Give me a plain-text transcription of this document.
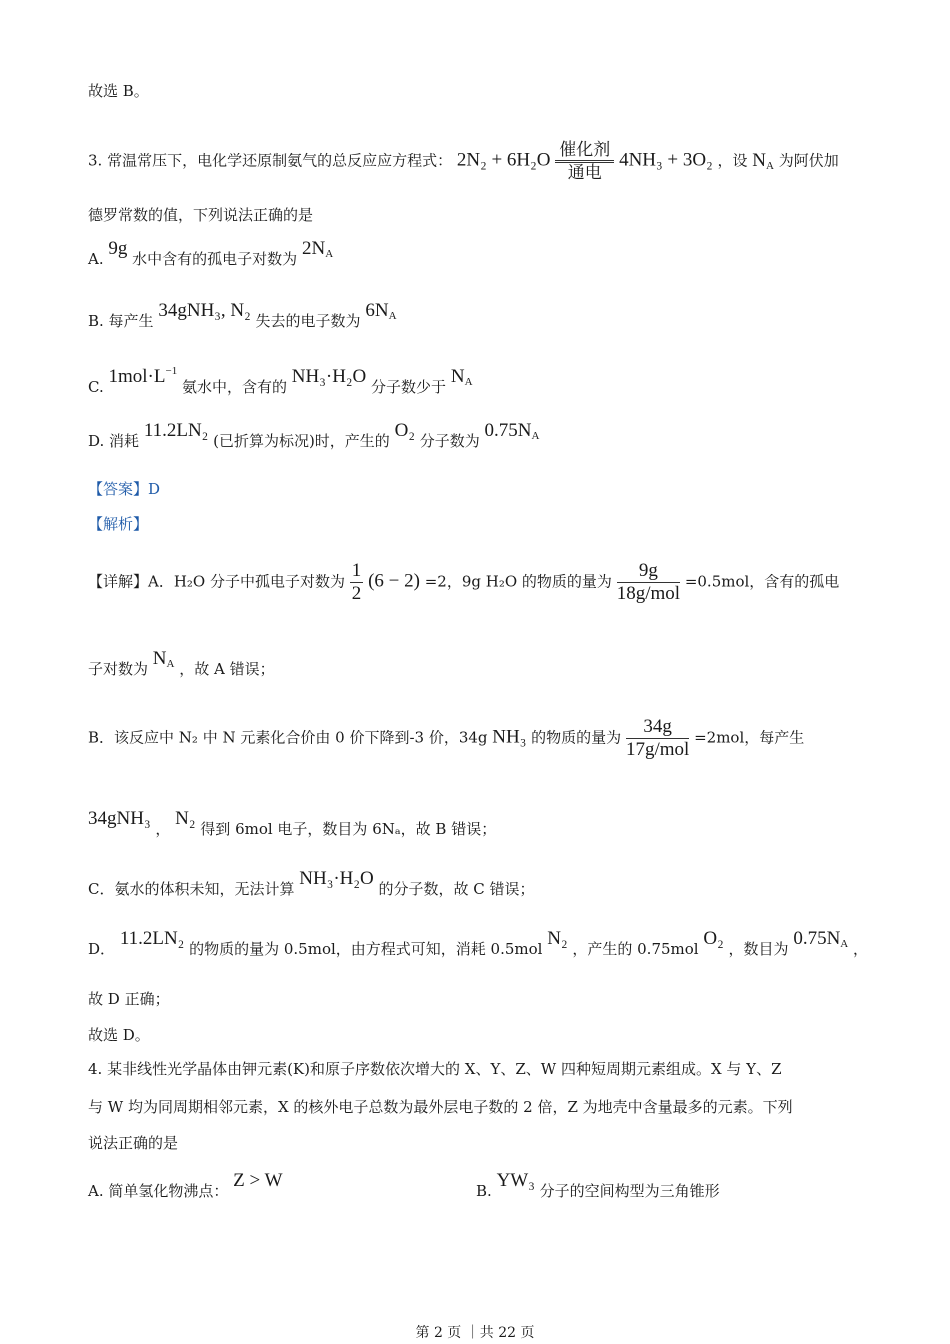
故选 B。
3. 常温常压下，电化学还原制氨气的总反应应方程式： 2N₂ + 6H₂O 催化剂
通电
4NH₃ + 3O₂ ，设 $N_A$ 为阿伏加
德罗常数的值，下列说法正确的是
A. 9g 水中含有的孤电子对数为 $2N_A$
B. 每产生 34gNH₃, N₂ 失去的电子数为 $6N_A$
C. $1mol\cdot L^{-1}$ 氨水中，含有的 NH₃·H₂O 分子数少于 $N_A$
D. 消耗 11.2LN₂ (已折算为标况)时，产生的 O₂ 分子数为 $0.75N_A$
【答案】D
【解析】
【详解】A．H₂O 分子中孤电子对数为 $\frac{1}{2} (6 - 2) =2$，9g H₂O 的物质的量为 $\frac{9g}{\text{18g/mol}} =0.5mol$，含有的孤电
子对数为 $N_A$ ，故 A 错误；
B．该反应中 N₂ 中 N 元素化合价由 0 价下降到-3 价，34g NH₃ 的物质的量为 $\frac{34g}{\text{17g/mol}} =2mol$，每产生
34gNH₃ ， N₂ 得到 6mol 电子，数目为 6Nₐ，故 B 错误；
C．氨水的体积未知，无法计算 NH₃·H₂O 的分子数，故 C 错误；
D． 11.2LN₂ 的物质的量为 0.5mol，由方程式可知，消耗 0.5mol N₂ ，产生的 0.75mol O₂ ，数目为 $0.75N_A$ ，
故 D 正确；
故选 D。
4. 某非线性光学晶体由钾元素(K)和原子序数依次增大的 X、Y、Z、W 四种短周期元素组成。X 与 Y、Z
与 W 均为同周期相邻元素，X 的核外电子总数为最外层电子数的 2 倍，Z 为地壳中含量最多的元素。下列
说法正确的是
A. 简单氢化物沸点： Z > W	B. YW₃ 分子的空间构型为三角锥形
第 2 页 ｜共 22 页
